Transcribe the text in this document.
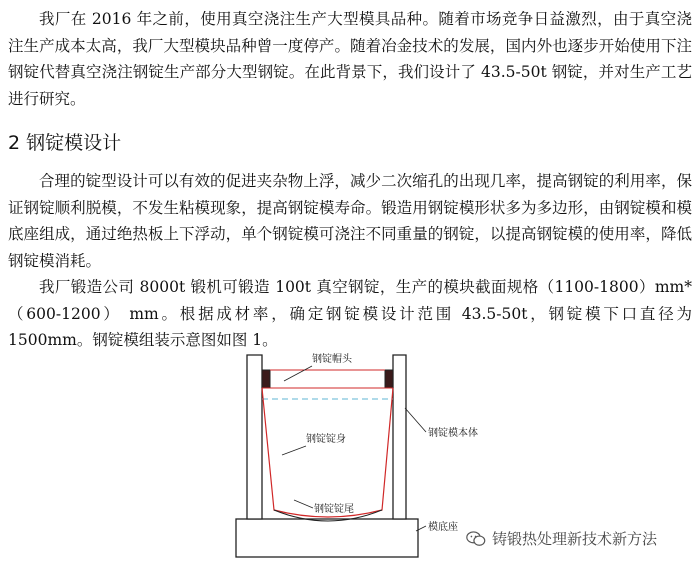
我厂在 2016 年之前，使用真空浇注生产大型模具品种。随着市场竞争日益激烈，由于真空浇注生产成本太高，我厂大型模块品种曾一度停产。随着冶金技术的发展，国内外也逐步开始使用下注钢锭代替真空浇注钢锭生产部分大型钢锭。在此背景下，我们设计了 43.5-50t 钢锭，并对生产工艺进行研究。

2 钢锭模设计

合理的锭型设计可以有效的促进夹杂物上浮，减少二次缩孔的出现几率，提高钢锭的利用率，保证钢锭顺利脱模，不发生粘模现象，提高钢锭模寿命。锻造用钢锭模形状多为多边形，由钢锭模和模底座组成，通过绝热板上下浮动，单个钢锭模可浇注不同重量的钢锭，以提高钢锭模的使用率，降低钢锭模消耗。

我厂锻造公司 8000t 锻机可锻造 100t 真空钢锭，生产的模块截面规格（1100-1800）mm*（600-1200） mm。根据成材率，确定钢锭模设计范围 43.5-50t，钢锭模下口直径为 1500mm。钢锭模组装示意图如图 1。

钢锭帽头
钢锭锭身
钢锭模本体
钢锭锭尾
模底座
铸锻热处理新技术新方法
